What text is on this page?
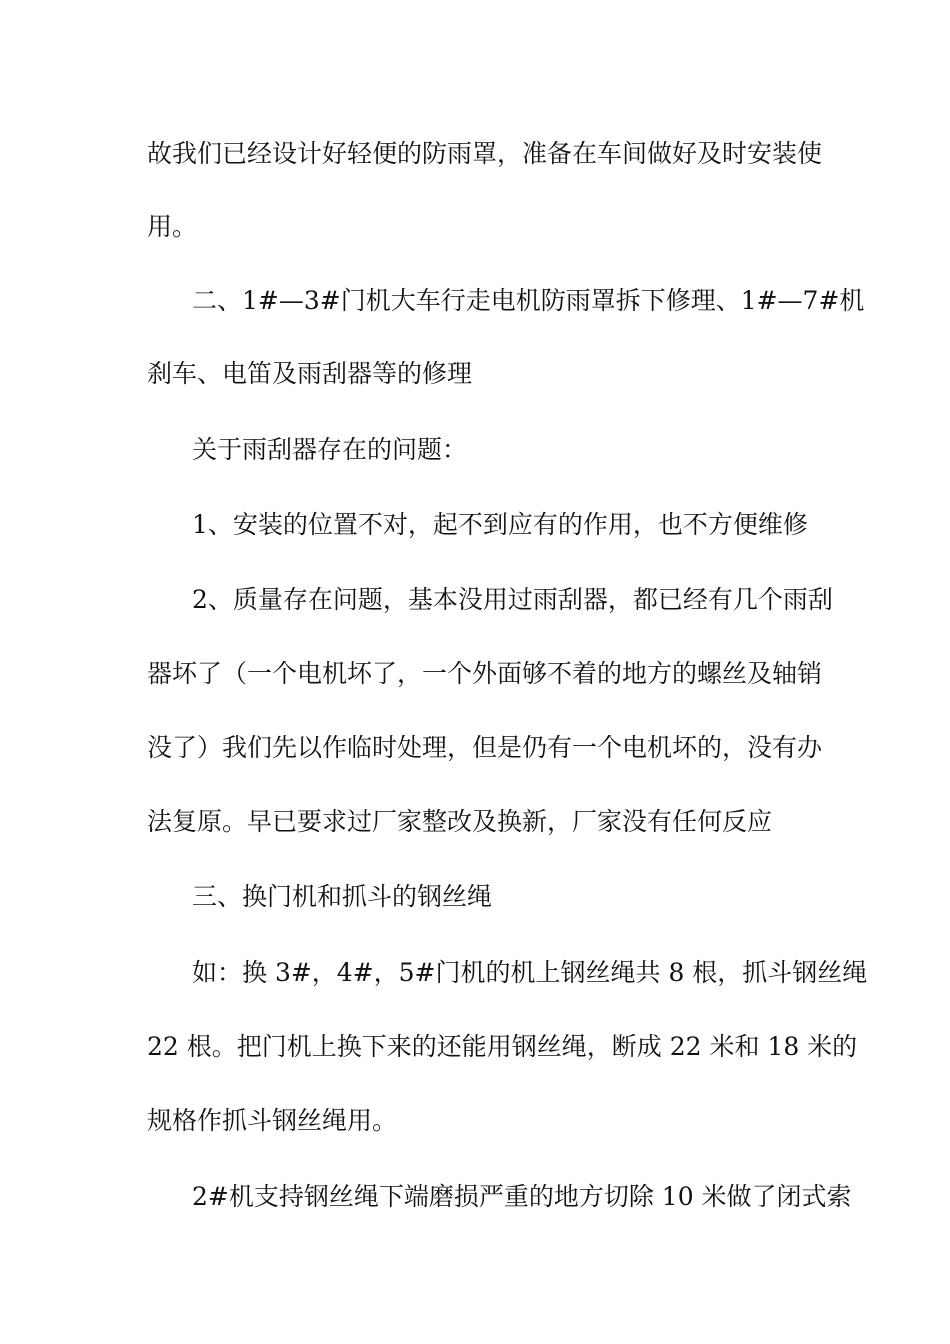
故我们已经设计好轻便的防雨罩，准备在车间做好及时安装使
用。
二、1#—3#门机大车行走电机防雨罩拆下修理、1#—7#机
刹车、电笛及雨刮器等的修理
关于雨刮器存在的问题：
1、安装的位置不对，起不到应有的作用，也不方便维修
2、质量存在问题，基本没用过雨刮器，都已经有几个雨刮
器坏了（一个电机坏了，一个外面够不着的地方的螺丝及轴销
没了）我们先以作临时处理，但是仍有一个电机坏的，没有办
法复原。早已要求过厂家整改及换新，厂家没有任何反应
三、换门机和抓斗的钢丝绳
如：换 3#，4#，5#门机的机上钢丝绳共 8 根，抓斗钢丝绳
22 根。把门机上换下来的还能用钢丝绳，断成 22 米和 18 米的
规格作抓斗钢丝绳用。
2#机支持钢丝绳下端磨损严重的地方切除 10 米做了闭式索
